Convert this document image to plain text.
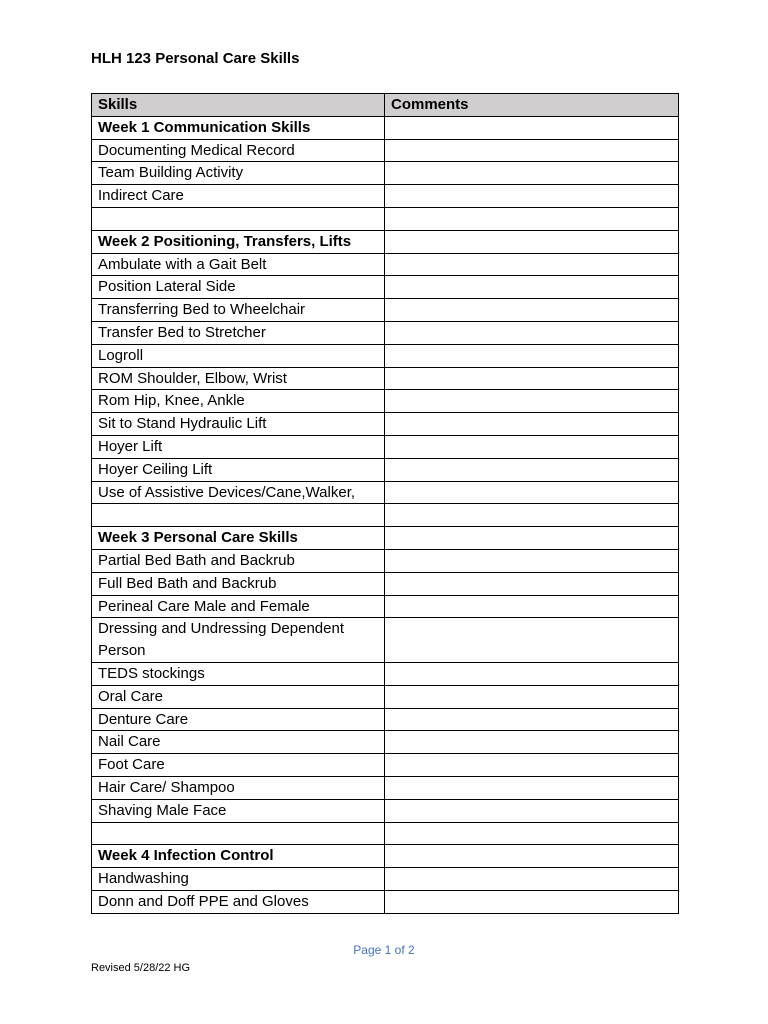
HLH 123 Personal Care Skills
Skills	Comments
Week 1 Communication Skills	
Documenting Medical Record	
Team Building Activity	
Indirect Care	

Week 2 Positioning, Transfers, Lifts	
Ambulate with a Gait Belt	
Position Lateral Side	
Transferring Bed to Wheelchair	
Transfer Bed to Stretcher	
Logroll	
ROM Shoulder, Elbow, Wrist	
Rom Hip, Knee, Ankle	
Sit to Stand Hydraulic Lift	
Hoyer Lift	
Hoyer Ceiling Lift	
Use of Assistive Devices/Cane,Walker,	

Week 3 Personal Care Skills	
Partial Bed Bath and Backrub	
Full Bed Bath and Backrub	
Perineal Care Male and Female	
Dressing and Undressing Dependent Person	
TEDS stockings	
Oral Care	
Denture Care	
Nail Care	
Foot Care	
Hair Care/ Shampoo	
Shaving Male Face	

Week 4 Infection Control	
Handwashing	
Donn and Doff PPE and Gloves	
Page 1 of 2
Revised 5/28/22 HG
